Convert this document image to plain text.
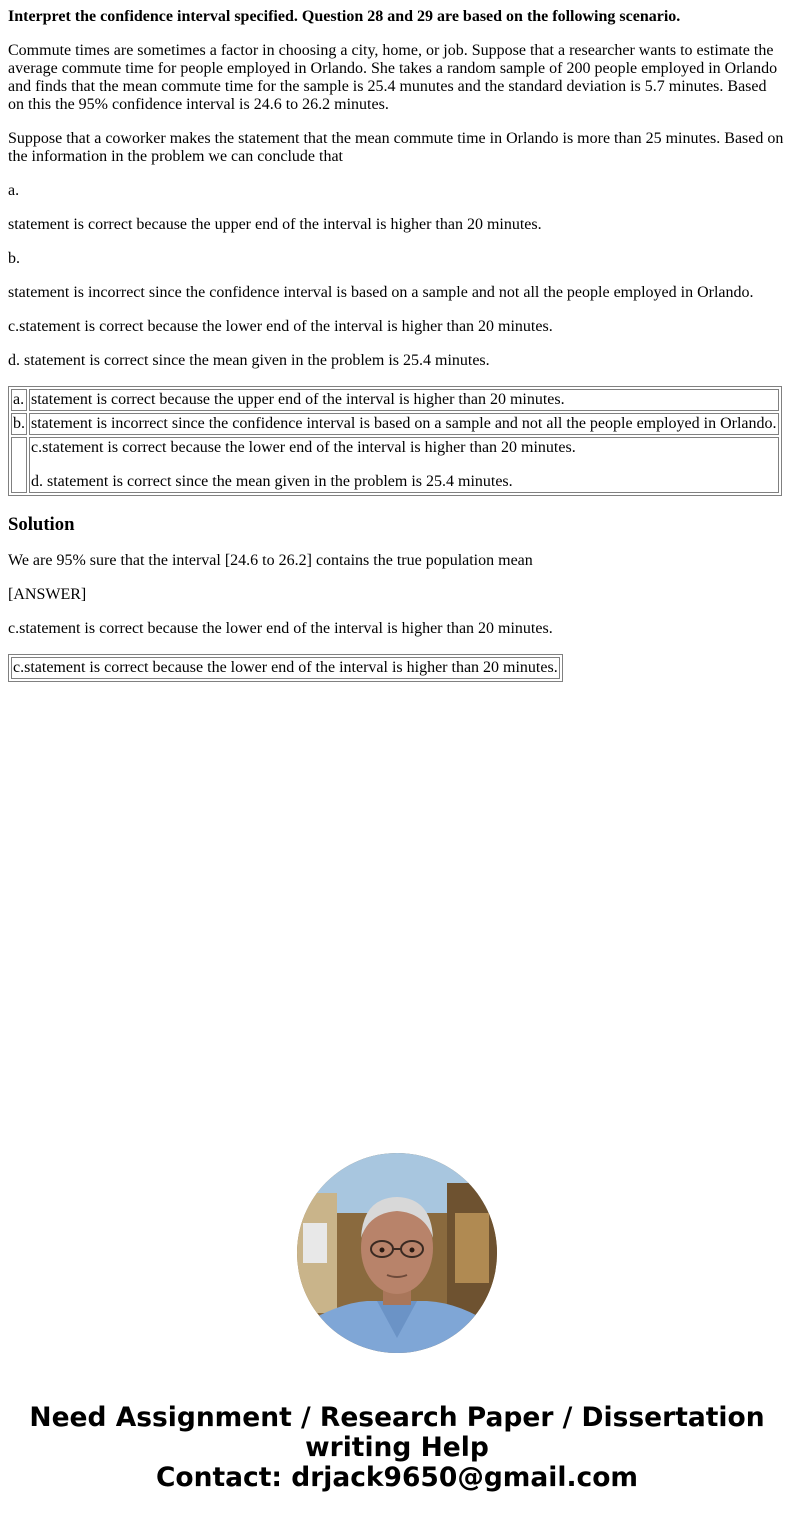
Interpret the confidence interval specified. Question 28 and 29 are based on the following scenario.

Commute times are sometimes a factor in choosing a city, home, or job. Suppose that a researcher wants to estimate the average commute time for people employed in Orlando. She takes a random sample of 200 people employed in Orlando and finds that the mean commute time for the sample is 25.4 munutes and the standard deviation is 5.7 minutes. Based on this the 95% confidence interval is 24.6 to 26.2 minutes.

Suppose that a coworker makes the statement that the mean commute time in Orlando is more than 25 minutes. Based on the information in the problem we can conclude that

a.

statement is correct because the upper end of the interval is higher than 20 minutes.

b.

statement is incorrect since the confidence interval is based on a sample and not all the people employed in Orlando.

c.statement is correct because the lower end of the interval is higher than 20 minutes.

d. statement is correct since the mean given in the problem is 25.4 minutes.

a.	statement is correct because the upper end of the interval is higher than 20 minutes.
b.	statement is incorrect since the confidence interval is based on a sample and not all the people employed in Orlando.

	c.statement is correct because the lower end of the interval is higher than 20 minutes.

d. statement is correct since the mean given in the problem is 25.4 minutes.

Solution

We are 95% sure that the interval [24.6 to 26.2] contains the true population mean

[ANSWER]

c.statement is correct because the lower end of the interval is higher than 20 minutes.

c.statement is correct because the lower end of the interval is higher than 20 minutes.
Need Assignment / Research Paper / Dissertation
writing Help
Contact: drjack9650@gmail.com
